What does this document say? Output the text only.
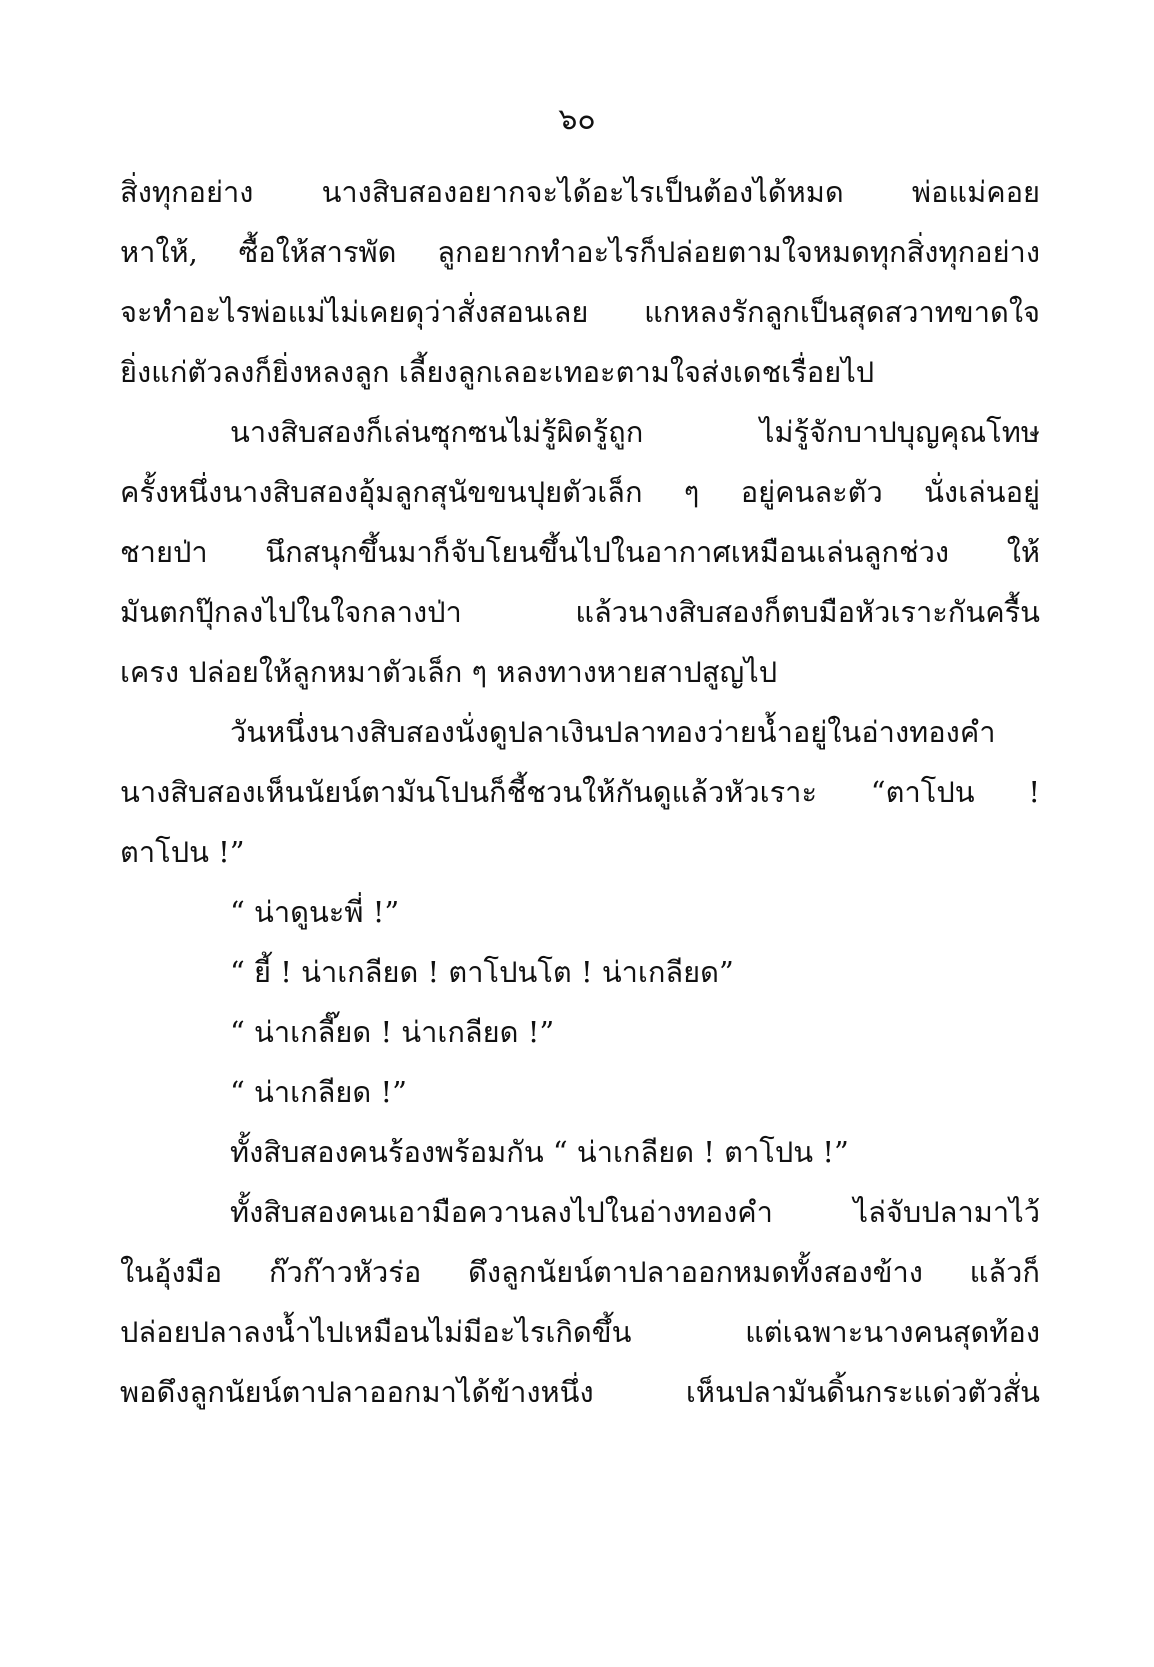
๖๐
สิ่งทุกอย่าง นางสิบสองอยากจะได้อะไรเป็นต้องได้หมด พ่อแม่คอย
หาให้, ซื้อให้สารพัด ลูกอยากทำอะไรก็ปล่อยตามใจหมดทุกสิ่งทุกอย่าง
จะทำอะไรพ่อแม่ไม่เคยดุว่าสั่งสอนเลย แกหลงรักลูกเป็นสุดสวาทขาดใจ
ยิ่งแก่ตัวลงก็ยิ่งหลงลูก เลี้ยงลูกเลอะเทอะตามใจส่งเดชเรื่อยไป
นางสิบสองก็เล่นซุกซนไม่รู้ผิดรู้ถูก ไม่รู้จักบาปบุญคุณโทษ
ครั้งหนึ่งนางสิบสองอุ้มลูกสุนัขขนปุยตัวเล็ก ๆ อยู่คนละตัว นั่งเล่นอยู่
ชายป่า นึกสนุกขึ้นมาก็จับโยนขึ้นไปในอากาศเหมือนเล่นลูกช่วง ให้
มันตกปุ๊กลงไปในใจกลางป่า แล้วนางสิบสองก็ตบมือหัวเราะกันครื้น
เครง ปล่อยให้ลูกหมาตัวเล็ก ๆ หลงทางหายสาปสูญไป
วันหนึ่งนางสิบสองนั่งดูปลาเงินปลาทองว่ายน้ำอยู่ในอ่างทองคำ
นางสิบสองเห็นนัยน์ตามันโปนก็ชี้ชวนให้กันดูแล้วหัวเราะ “ตาโปน !
ตาโปน !”
“ น่าดูนะพี่ !”
“ ยี้ ! น่าเกลียด ! ตาโปนโต ! น่าเกลียด”
“ น่าเกลี๊ยด ! น่าเกลียด !”
“ น่าเกลียด !”
ทั้งสิบสองคนร้องพร้อมกัน “ น่าเกลียด ! ตาโปน !”
ทั้งสิบสองคนเอามือควานลงไปในอ่างทองคำ ไล่จับปลามาไว้
ในอุ้งมือ ก๊วก๊าวหัวร่อ ดึงลูกนัยน์ตาปลาออกหมดทั้งสองข้าง แล้วก็
ปล่อยปลาลงน้ำไปเหมือนไม่มีอะไรเกิดขึ้น แต่เฉพาะนางคนสุดท้อง
พอดึงลูกนัยน์ตาปลาออกมาได้ข้างหนึ่ง เห็นปลามันดิ้นกระแด่วตัวสั่น
